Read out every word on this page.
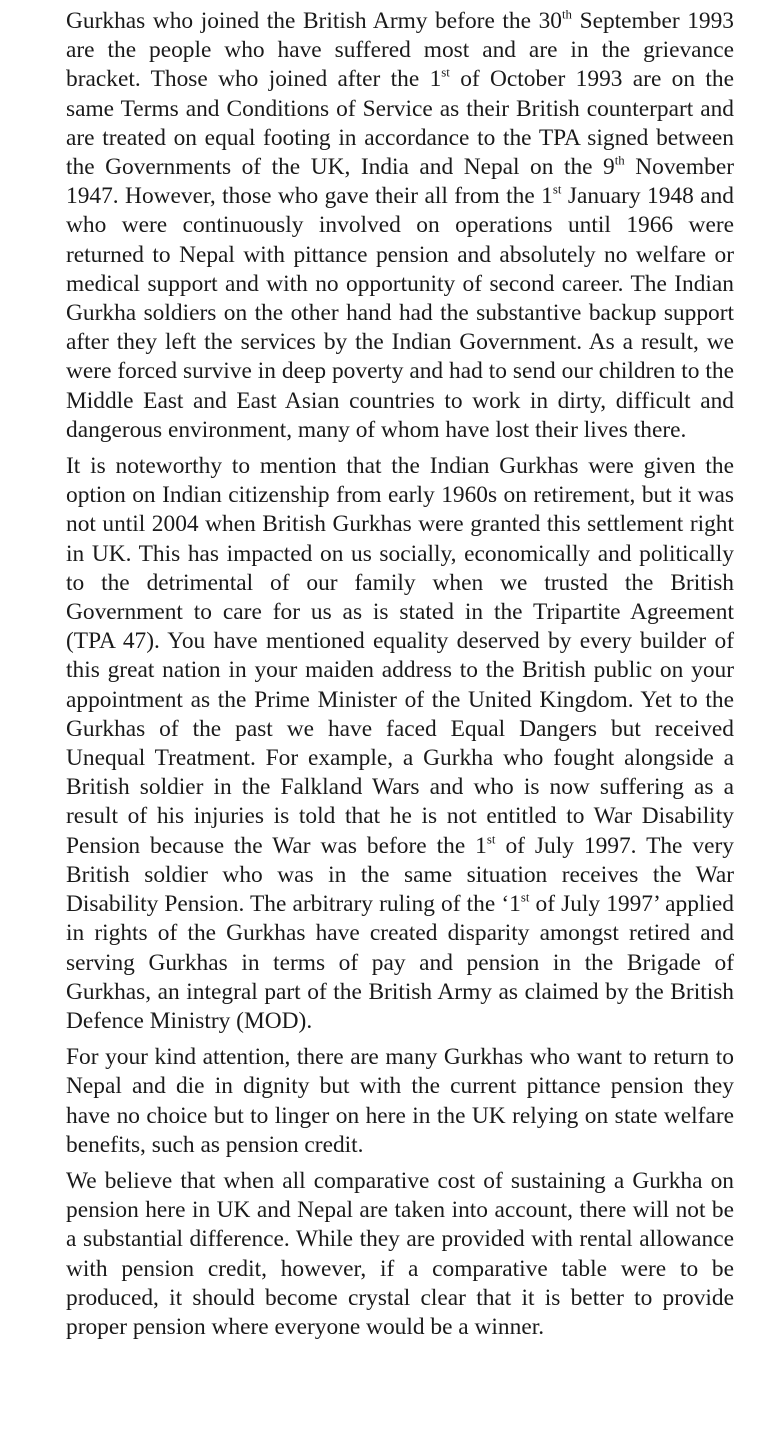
Gurkhas who joined the British Army before the 30th September 1993 are the people who have suffered most and are in the grievance bracket. Those who joined after the 1st of October 1993 are on the same Terms and Conditions of Service as their British counterpart and are treated on equal footing in accordance to the TPA signed between the Governments of the UK, India and Nepal on the 9th November 1947. However, those who gave their all from the 1st January 1948 and who were continuously involved on operations until 1966 were returned to Nepal with pittance pension and absolutely no welfare or medical support and with no opportunity of second career. The Indian Gurkha soldiers on the other hand had the substantive backup support after they left the services by the Indian Government. As a result, we were forced survive in deep poverty and had to send our children to the Middle East and East Asian countries to work in dirty, difficult and dangerous environment, many of whom have lost their lives there.

It is noteworthy to mention that the Indian Gurkhas were given the option on Indian citizenship from early 1960s on retirement, but it was not until 2004 when British Gurkhas were granted this settlement right in UK. This has impacted on us socially, economically and politically to the detrimental of our family when we trusted the British Government to care for us as is stated in the Tripartite Agreement (TPA 47). You have mentioned equality deserved by every builder of this great nation in your maiden address to the British public on your appointment as the Prime Minister of the United Kingdom. Yet to the Gurkhas of the past we have faced Equal Dangers but received Unequal Treatment. For example, a Gurkha who fought alongside a British soldier in the Falkland Wars and who is now suffering as a result of his injuries is told that he is not entitled to War Disability Pension because the War was before the 1st of July 1997. The very British soldier who was in the same situation receives the War Disability Pension. The arbitrary ruling of the ‘1st of July 1997’ applied in rights of the Gurkhas have created disparity amongst retired and serving Gurkhas in terms of pay and pension in the Brigade of Gurkhas, an integral part of the British Army as claimed by the British Defence Ministry (MOD).

For your kind attention, there are many Gurkhas who want to return to Nepal and die in dignity but with the current pittance pension they have no choice but to linger on here in the UK relying on state welfare benefits, such as pension credit.

We believe that when all comparative cost of sustaining a Gurkha on pension here in UK and Nepal are taken into account, there will not be a substantial difference. While they are provided with rental allowance with pension credit, however, if a comparative table were to be produced, it should become crystal clear that it is better to provide proper pension where everyone would be a winner.
